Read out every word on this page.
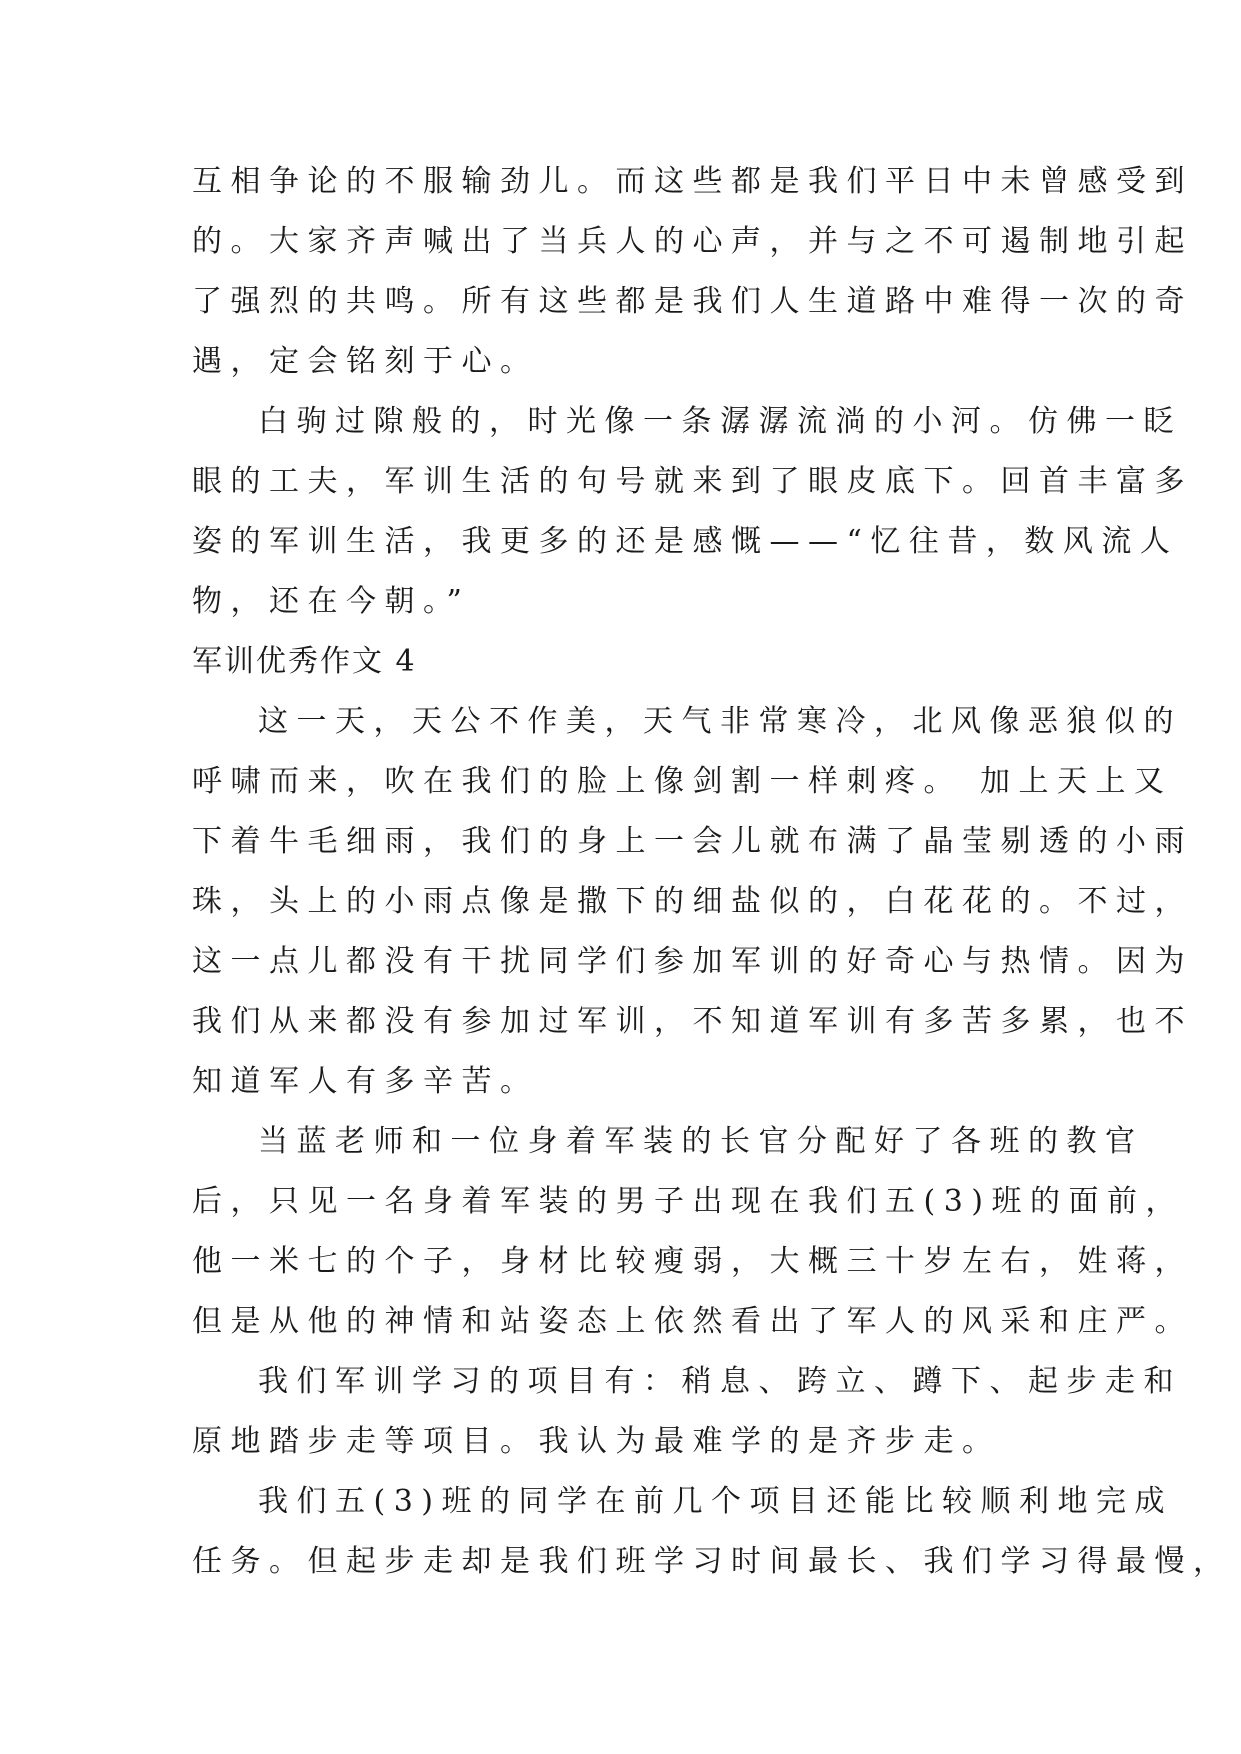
互相争论的不服输劲儿。而这些都是我们平日中未曾感受到
的。大家齐声喊出了当兵人的心声，并与之不可遏制地引起
了强烈的共鸣。所有这些都是我们人生道路中难得一次的奇
遇，定会铭刻于心。
白驹过隙般的，时光像一条潺潺流淌的小河。仿佛一眨
眼的工夫，军训生活的句号就来到了眼皮底下。回首丰富多
姿的军训生活，我更多的还是感慨——“忆往昔，数风流人
物，还在今朝。”
军训优秀作文 4
这一天，天公不作美，天气非常寒冷，北风像恶狼似的
呼啸而来，吹在我们的脸上像剑割一样刺疼。 加上天上又
下着牛毛细雨，我们的身上一会儿就布满了晶莹剔透的小雨
珠，头上的小雨点像是撒下的细盐似的，白花花的。不过，
这一点儿都没有干扰同学们参加军训的好奇心与热情。因为
我们从来都没有参加过军训，不知道军训有多苦多累，也不
知道军人有多辛苦。
当蓝老师和一位身着军装的长官分配好了各班的教官
后，只见一名身着军装的男子出现在我们五(3)班的面前，
他一米七的个子，身材比较瘦弱，大概三十岁左右，姓蒋，
但是从他的神情和站姿态上依然看出了军人的风采和庄严。
我们军训学习的项目有：稍息、跨立、蹲下、起步走和
原地踏步走等项目。我认为最难学的是齐步走。
我们五(3)班的同学在前几个项目还能比较顺利地完成
任务。但起步走却是我们班学习时间最长、我们学习得最慢，
